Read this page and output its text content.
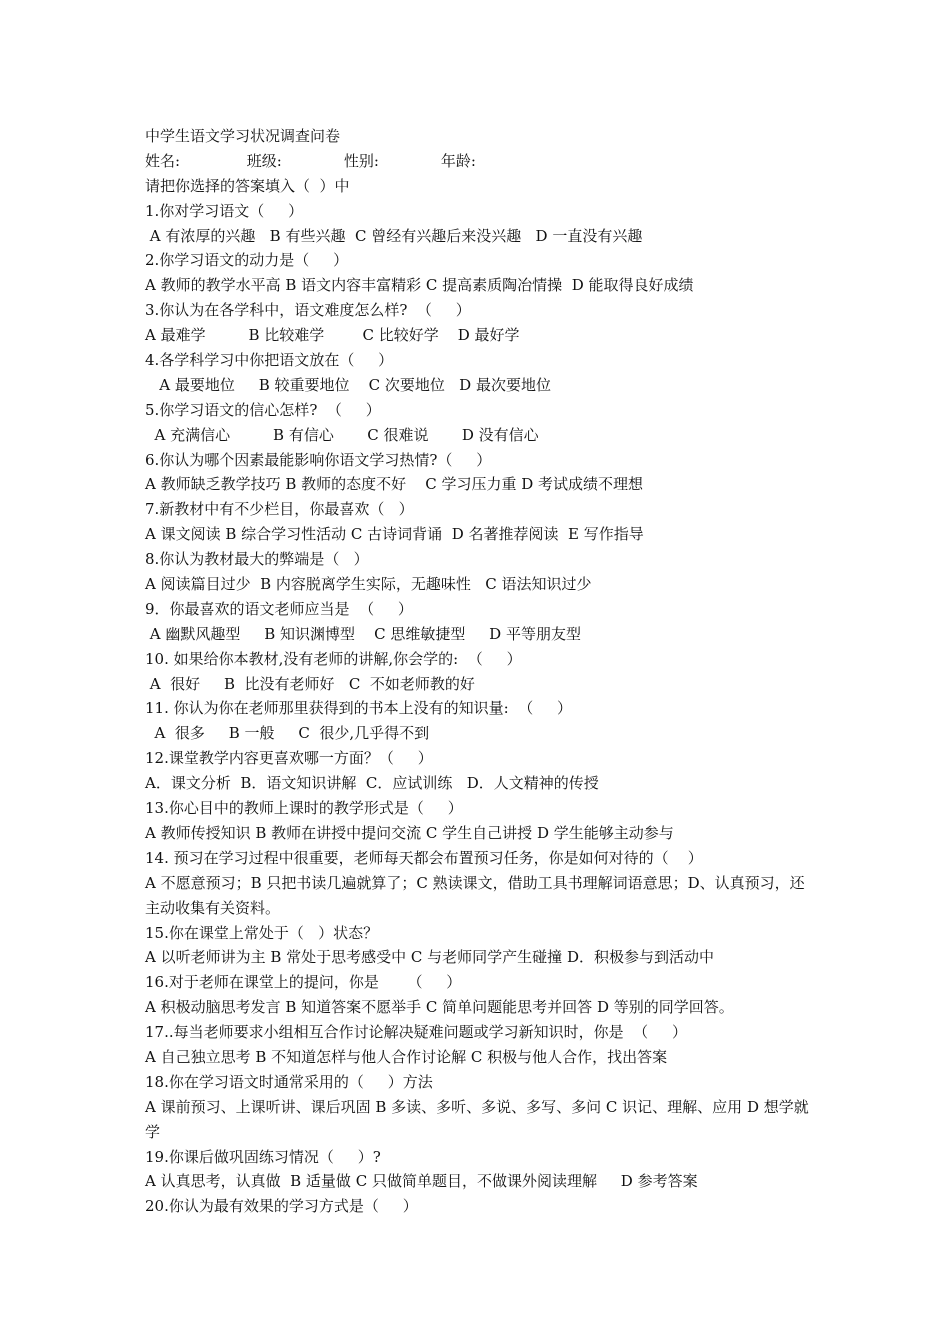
中学生语文学习状况调查问卷
姓名:              班级:             性别:             年龄:
请把你选择的答案填入（  ）中
1.你对学习语文（     ）
A 有浓厚的兴趣   B 有些兴趣  C 曾经有兴趣后来没兴趣   D 一直没有兴趣
2.你学习语文的动力是（     ）
A 教师的教学水平高 B 语文内容丰富精彩 C 提高素质陶冶情操  D 能取得良好成绩
3.你认为在各学科中，语文难度怎么样?  （     ）
A 最难学         B 比较难学        C 比较好学    D 最好学
4.各学科学习中你把语文放在（     ）
A 最要地位     B 较重要地位    C 次要地位   D 最次要地位
5.你学习语文的信心怎样?  （     ）
A 充满信心         B 有信心       C 很难说       D 没有信心
6.你认为哪个因素最能影响你语文学习热情?（     ）
A 教师缺乏教学技巧 B 教师的态度不好    C 学习压力重 D 考试成绩不理想
7.新教材中有不少栏目，你最喜欢（   ）
A 课文阅读 B 综合学习性活动 C 古诗词背诵  D 名著推荐阅读  E 写作指导
8.你认为教材最大的弊端是（   ）
A 阅读篇目过少  B 内容脱离学生实际，无趣味性   C 语法知识过少
9．你最喜欢的语文老师应当是  （     ）
A 幽默风趣型     B 知识渊博型    C 思维敏捷型     D 平等朋友型
10. 如果给你本教材,没有老师的讲解,你会学的:  （     ）
A  很好     B  比没有老师好   C  不如老师教的好
11. 你认为你在老师那里获得到的书本上没有的知识量:  （     ）
A  很多     B 一般     C  很少,几乎得不到
12.课堂教学内容更喜欢哪一方面？（     ）
A．课文分析  B．语文知识讲解  C．应试训练   D．人文精神的传授
13.你心目中的教师上课时的教学形式是（     ）
A 教师传授知识 B 教师在讲授中提问交流 C 学生自己讲授 D 学生能够主动参与
14. 预习在学习过程中很重要，老师每天都会布置预习任务，你是如何对待的（    ）
A 不愿意预习；B 只把书读几遍就算了；C 熟读课文，借助工具书理解词语意思；D、认真预习，还主动收集有关资料。
15.你在课堂上常处于（   ）状态？
A 以听老师讲为主 B 常处于思考感受中 C 与老师同学产生碰撞 D．积极参与到活动中
16.对于老师在课堂上的提问，你是      （     ）
A 积极动脑思考发言 B 知道答案不愿举手 C 简单问题能思考并回答 D 等别的同学回答。
17..每当老师要求小组相互合作讨论解决疑难问题或学习新知识时，你是  （     ）
A 自己独立思考 B 不知道怎样与他人合作讨论解 C 积极与他人合作，找出答案
18.你在学习语文时通常采用的（     ）方法
A 课前预习、上课听讲、课后巩固 B 多读、多听、多说、多写、多问 C 识记、理解、应用 D 想学就学
19.你课后做巩固练习情况（     ）?
A 认真思考，认真做  B 适量做 C 只做简单题目，不做课外阅读理解     D 参考答案
20.你认为最有效果的学习方式是（     ）
